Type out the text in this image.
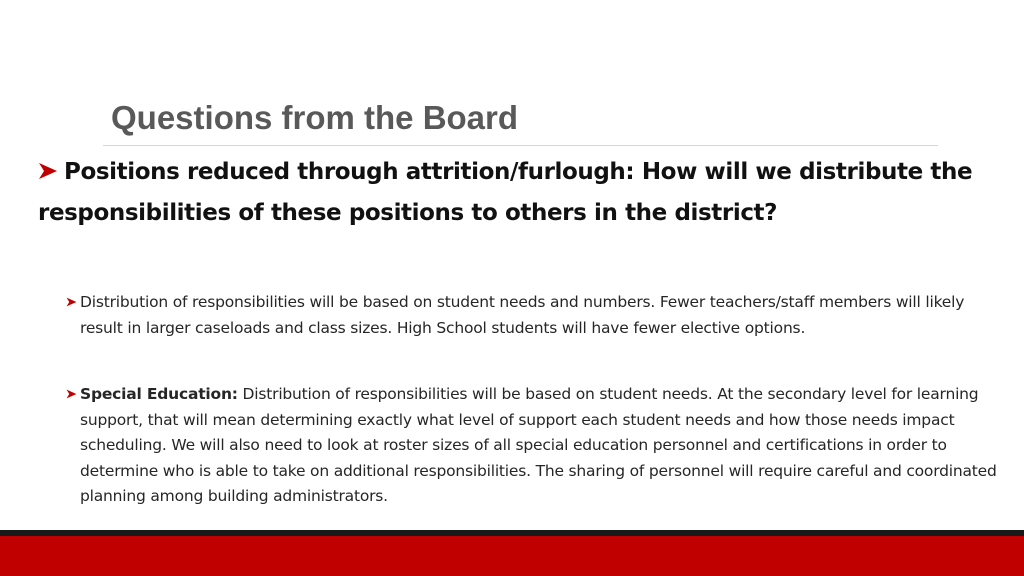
Questions from the Board

Positions reduced through attrition/furlough: How will we distribute the responsibilities of these positions to others in the district?

Distribution of responsibilities will be based on student needs and numbers. Fewer teachers/staff members will likely result in larger caseloads and class sizes. High School students will have fewer elective options.

Special Education: Distribution of responsibilities will be based on student needs. At the secondary level for learning support, that will mean determining exactly what level of support each student needs and how those needs impact scheduling. We will also need to look at roster sizes of all special education personnel and certifications in order to determine who is able to take on additional responsibilities. The sharing of personnel will require careful and coordinated planning among building administrators.
